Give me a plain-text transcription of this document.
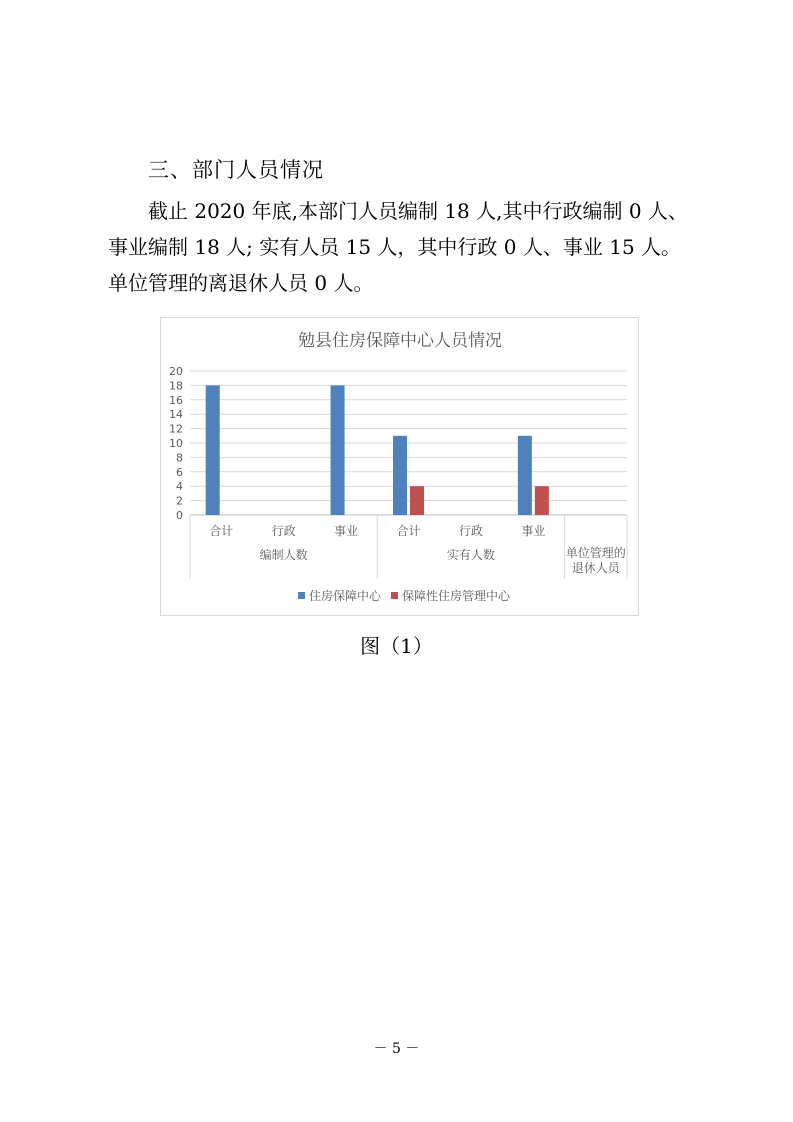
三、部门人员情况
截止 2020 年底,本部门人员编制 18 人,其中行政编制 0 人、
事业编制 18 人; 实有人员 15 人，其中行政 0 人、事业 15 人。
单位管理的离退休人员 0 人。
勉县住房保障中心人员情况
0
2
4
6
8
10
12
14
16
18
20
合计	行政	事业
编制人数
合计	行政	事业
实有人数	单位管理的
退休人员
住房保障中心 保障性住房管理中心

图（1）

－ 5 －
